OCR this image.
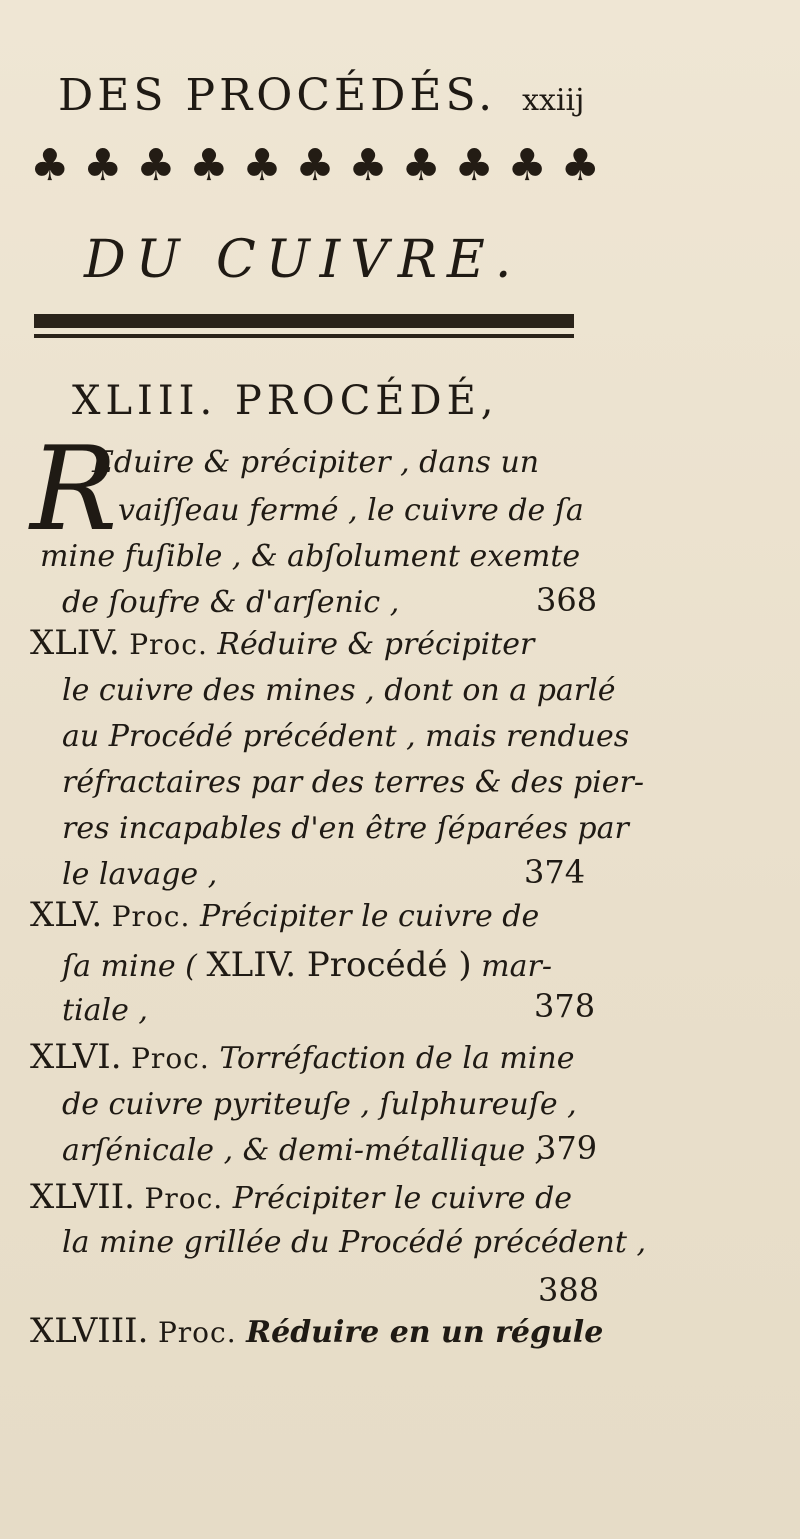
DES PROCÉDÉS. xxiij
♣ ♣ ♣ ♣ ♣ ♣ ♣ ♣ ♣ ♣ ♣
DU CUIVRE.
XLIII. PROCÉDÉ,
R
Eduire & précipiter , dans un
vaiſſeau fermé , le cuivre de ſa
mine fuſible , & abſolument exemte
de ſoufre & d'arſenic ,	368
XLIV. Proc. Réduire & précipiter
le cuivre des mines , dont on a parlé
au Procédé précédent , mais rendues
réfractaires par des terres & des pier-
res incapables d'en être ſéparées par
le lavage ,	374
XLV. Proc. Précipiter le cuivre de
ſa mine ( XLIV. Procédé ) mar-
tiale ,	378
XLVI. Proc. Torréfaction de la mine
de cuivre pyriteuſe , ſulphureuſe ,
arſénicale , & demi-métallique ,
379
XLVII. Proc. Précipiter le cuivre de
la mine grillée du Procédé précédent ,
388
XLVIII. Proc. Réduire en un régule
